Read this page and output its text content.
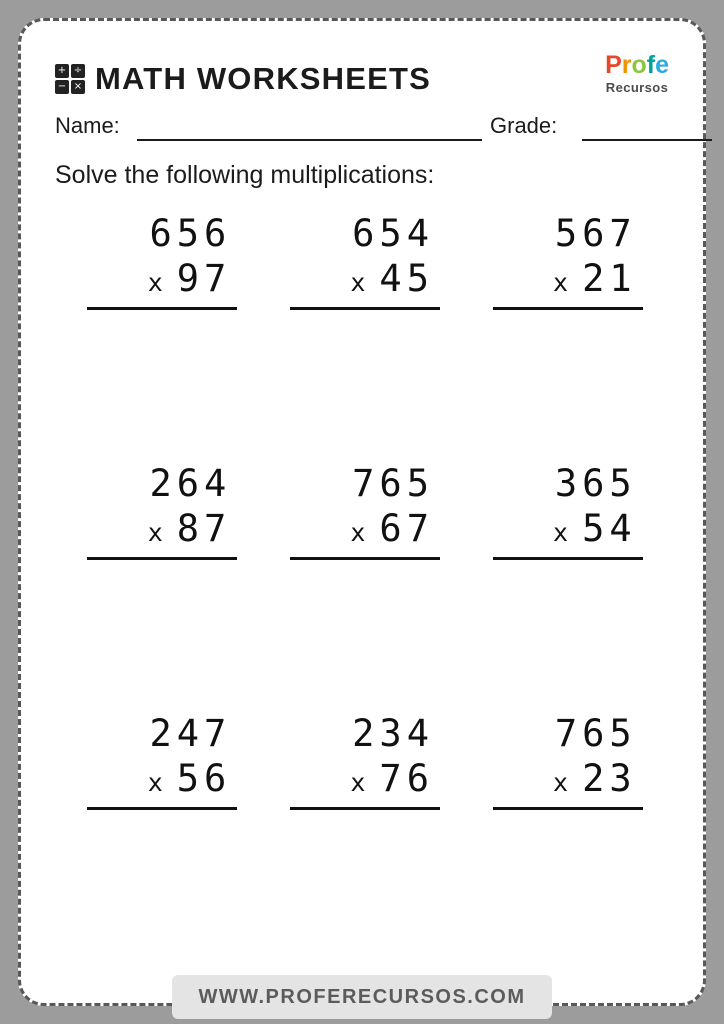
+ ÷
− × MATH WORKSHEETS	Profe
Recursos
Name:	Grade:
Solve the following multiplications:
656
x 97
654
x 45
567
x 21
264
x 87
765
x 67
365
x 54
247
x 56
234
x 76
765
x 23
WWW.PROFERECURSOS.COM
